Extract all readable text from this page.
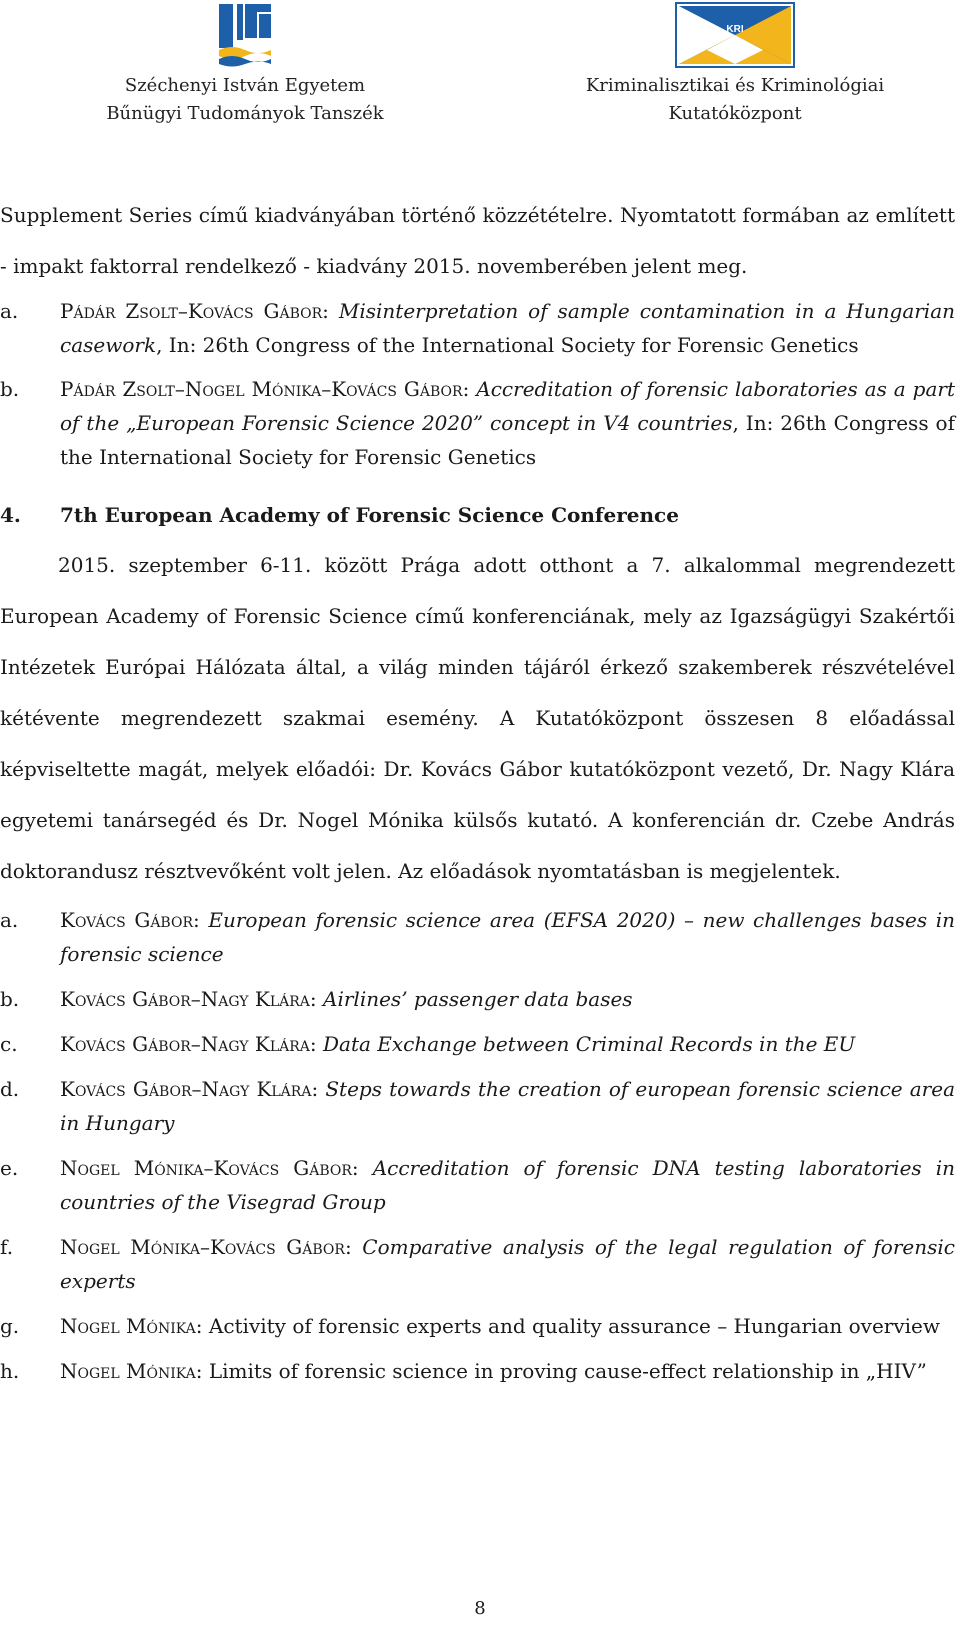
Széchenyi István Egyetem
Bűnügyi Tudományok Tanszék
KRI
Kriminalisztikai és Kriminológiai
Kutatóközpont

Supplement Series című kiadványában történő közzétételre. Nyomtatott formában az említett - impakt faktorral rendelkező - kiadvány 2015. novemberében jelent meg.

a. Pádár Zsolt–Kovács Gábor: Misinterpretation of sample contamination in a Hungarian casework, In: 26th Congress of the International Society for Forensic Genetics

b. Pádár Zsolt–Nogel Mónika–Kovács Gábor: Accreditation of forensic laboratories as a part of the „European Forensic Science 2020” concept in V4 countries, In: 26th Congress of the International Society for Forensic Genetics

4. 7th European Academy of Forensic Science Conference

2015. szeptember 6-11. között Prága adott otthont a 7. alkalommal megrendezett European Academy of Forensic Science című konferenciának, mely az Igazságügyi Szakértői Intézetek Európai Hálózata által, a világ minden tájáról érkező szakemberek részvételével kétévente megrendezett szakmai esemény. A Kutatóközpont összesen 8 előadással képviseltette magát, melyek előadói: Dr. Kovács Gábor kutatóközpont vezető, Dr. Nagy Klára egyetemi tanársegéd és Dr. Nogel Mónika külsős kutató. A konferencián dr. Czebe András doktorandusz résztvevőként volt jelen. Az előadások nyomtatásban is megjelentek.

a. Kovács Gábor: European forensic science area (EFSA 2020) – new challenges bases in forensic science

b. Kovács Gábor–Nagy Klára: Airlines’ passenger data bases

c. Kovács Gábor–Nagy Klára: Data Exchange between Criminal Records in the EU

d. Kovács Gábor–Nagy Klára: Steps towards the creation of european forensic science area in Hungary

e. Nogel Mónika–Kovács Gábor: Accreditation of forensic DNA testing laboratories in countries of the Visegrad Group

f. Nogel Mónika–Kovács Gábor: Comparative analysis of the legal regulation of forensic experts

g. Nogel Mónika: Activity of forensic experts and quality assurance – Hungarian overview

h. Nogel Mónika: Limits of forensic science in proving cause-effect relationship in „HIV”

8
